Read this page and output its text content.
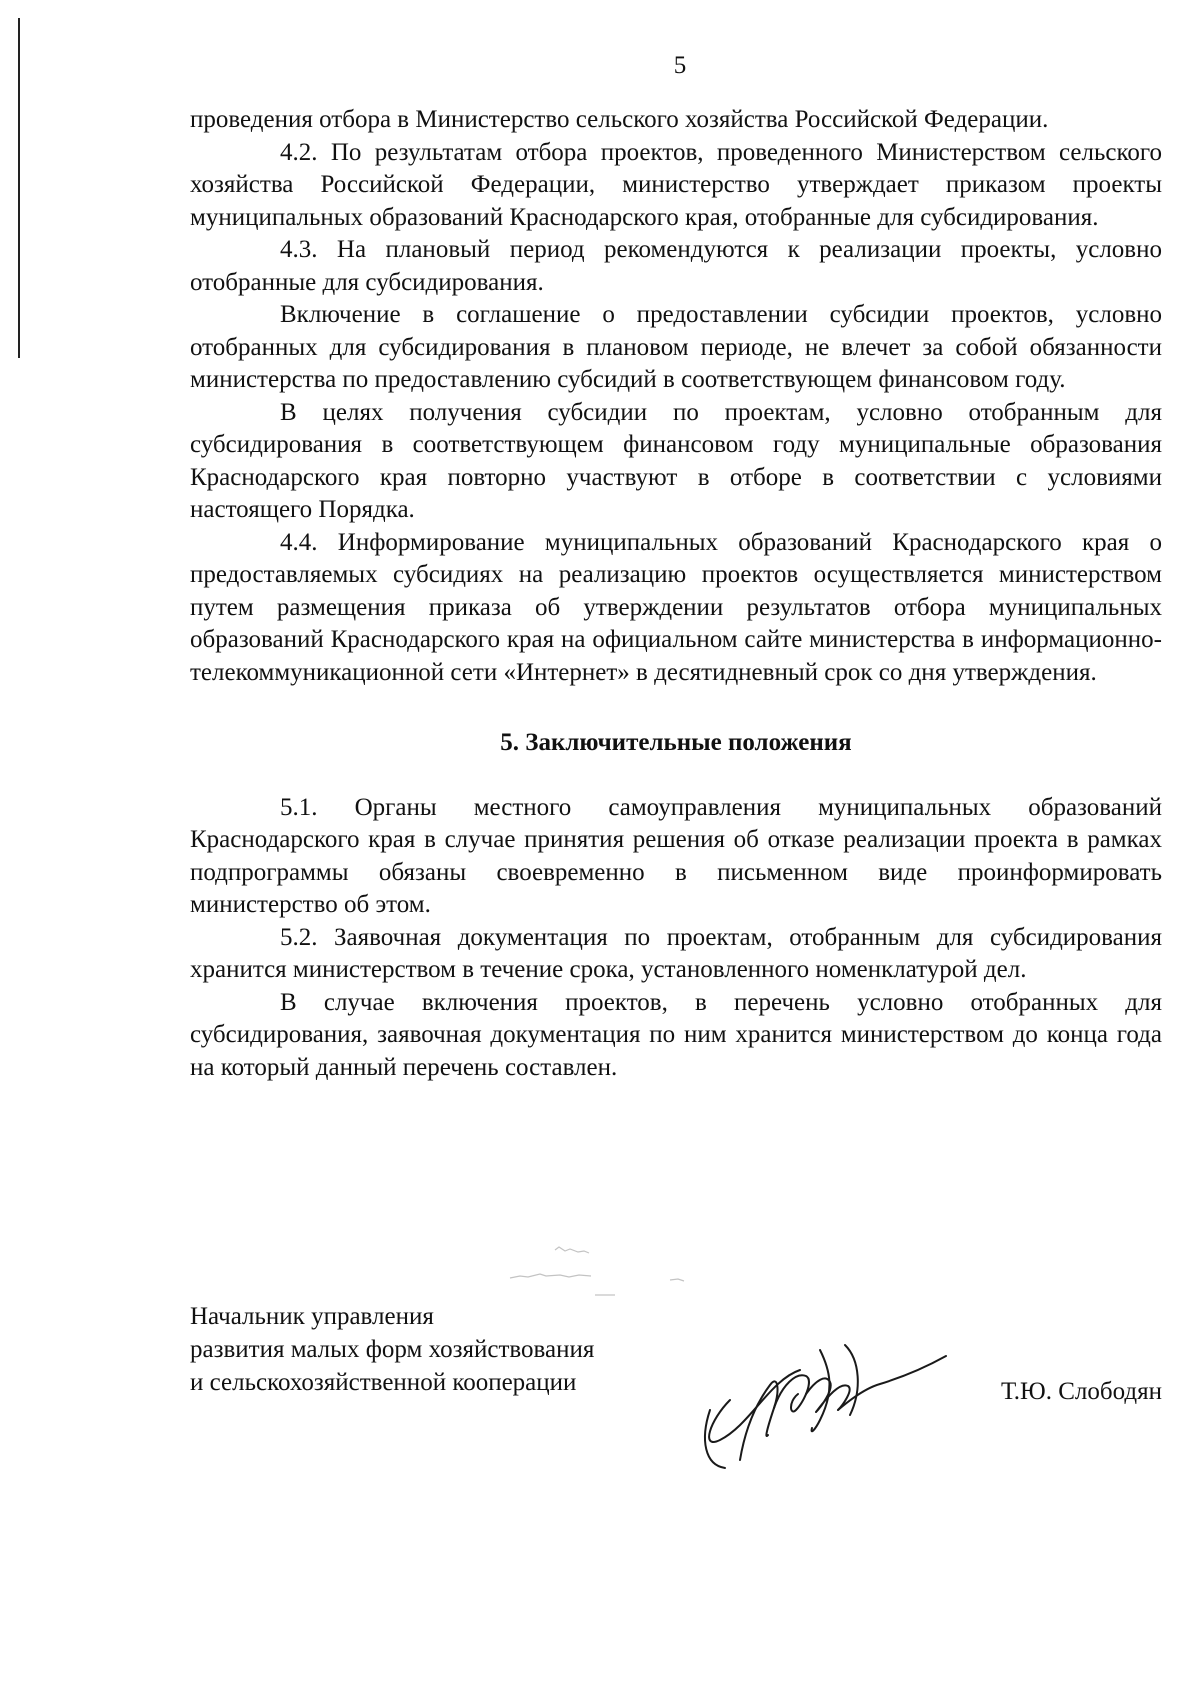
5

проведения отбора в Министерство сельского хозяйства Российской Федерации.

4.2. По результатам отбора проектов, проведенного Министерством сельского хозяйства Российской Федерации, министерство утверждает приказом проекты муниципальных образований Краснодарского края, отобранные для субсидирования.

4.3. На плановый период рекомендуются к реализации проекты, условно отобранные для субсидирования.

Включение в соглашение о предоставлении субсидии проектов, условно отобранных для субсидирования в плановом периоде, не влечет за собой обязанности министерства по предоставлению субсидий в соответствующем финансовом году.

В целях получения субсидии по проектам, условно отобранным для субсидирования в соответствующем финансовом году муниципальные образования Краснодарского края повторно участвуют в отборе в соответствии с условиями настоящего Порядка.

4.4. Информирование муниципальных образований Краснодарского края о предоставляемых субсидиях на реализацию проектов осуществляется министерством путем размещения приказа об утверждении результатов отбора муниципальных образований Краснодарского края на официальном сайте министерства в информационно-телекоммуникационной сети «Интернет» в десятидневный срок со дня утверждения.

5. Заключительные положения

5.1. Органы местного самоуправления муниципальных образований Краснодарского края в случае принятия решения об отказе реализации проекта в рамках подпрограммы обязаны своевременно в письменном виде проинформировать министерство об этом.

5.2. Заявочная документация по проектам, отобранным для субсидирования хранится министерством в течение срока, установленного номенклатурой дел.

В случае включения проектов, в перечень условно отобранных для субсидирования, заявочная документация по ним хранится министерством до конца года на который данный перечень составлен.

Начальник управления
развития малых форм хозяйствования
и сельскохозяйственной кооперации	Т.Ю. Слободян
